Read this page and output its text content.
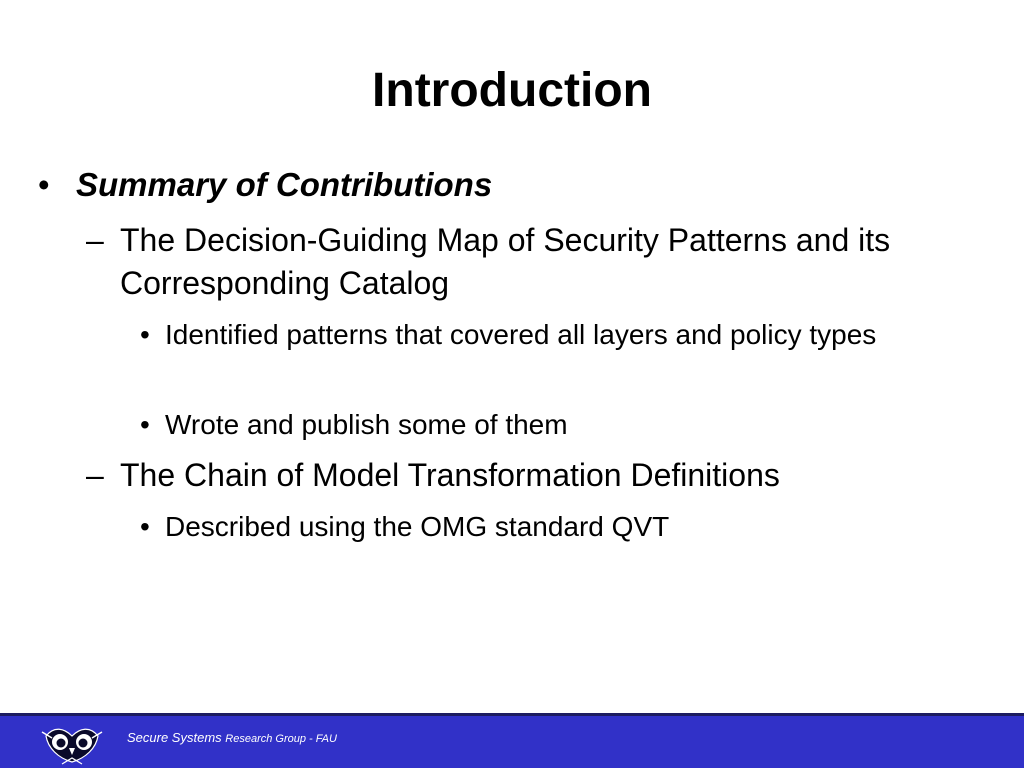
Introduction
• Summary of Contributions
– The Decision-Guiding Map of Security Patterns and its Corresponding Catalog
• Identified patterns that covered all layers and policy types
• Wrote and publish some of them
– The Chain of Model Transformation Definitions
• Described using the OMG standard QVT
Secure Systems Research Group - FAU
